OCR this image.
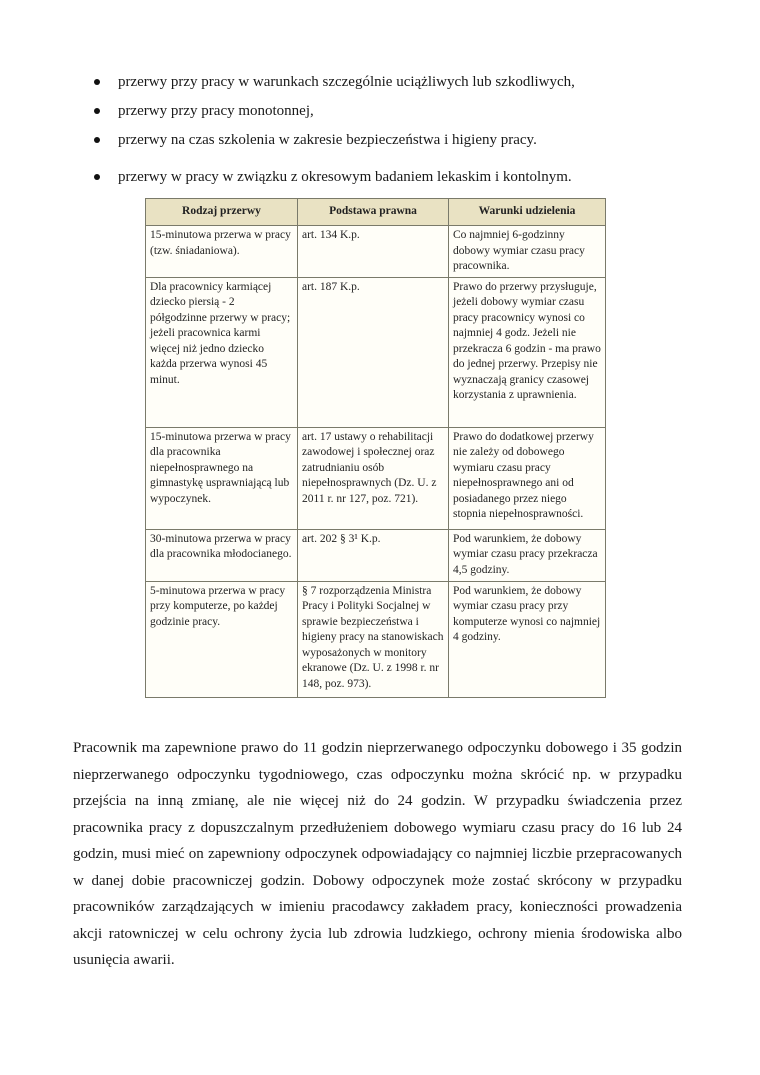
przerwy przy pracy w warunkach szczególnie uciążliwych lub szkodliwych,
przerwy przy pracy monotonnej,
przerwy na czas szkolenia w zakresie bezpieczeństwa i higieny pracy.
przerwy w pracy w związku z okresowym badaniem lekaskim i kontolnym.
Rodzaj przerwy	Podstawa prawna	Warunki udzielenia
15-minutowa przerwa w pracy (tzw. śniadaniowa).	art. 134 K.p.	Co najmniej 6-godzinny dobowy wymiar czasu pracy pracownika.
Dla pracownicy karmiącej dziecko piersią - 2 półgodzinne przerwy w pracy; jeżeli pracownica karmi więcej niż jedno dziecko każda przerwa wynosi 45 minut.	art. 187 K.p.	Prawo do przerwy przysługuje, jeżeli dobowy wymiar czasu pracy pracownicy wynosi co najmniej 4 godz. Jeżeli nie przekracza 6 godzin - ma prawo do jednej przerwy. Przepisy nie wyznaczają granicy czasowej korzystania z uprawnienia.
15-minutowa przerwa w pracy dla pracownika niepełnosprawnego na gimnastykę usprawniającą lub wypoczynek.	art. 17 ustawy o rehabilitacji zawodowej i społecznej oraz zatrudnianiu osób niepełnosprawnych (Dz. U. z 2011 r. nr 127, poz. 721).	Prawo do dodatkowej przerwy nie zależy od dobowego wymiaru czasu pracy niepełnosprawnego ani od posiadanego przez niego stopnia niepełnosprawności.
30-minutowa przerwa w pracy dla pracownika młodocianego.	art. 202 § 3¹ K.p.	Pod warunkiem, że dobowy wymiar czasu pracy przekracza 4,5 godziny.
5-minutowa przerwa w pracy przy komputerze, po każdej godzinie pracy.	§ 7 rozporządzenia Ministra Pracy i Polityki Socjalnej w sprawie bezpieczeństwa i higieny pracy na stanowiskach wyposażonych w monitory ekranowe (Dz. U. z 1998 r. nr 148, poz. 973).	Pod warunkiem, że dobowy wymiar czasu pracy przy komputerze wynosi co najmniej 4 godziny.

Pracownik ma zapewnione prawo do 11 godzin nieprzerwanego odpoczynku dobowego i 35 godzin nieprzerwanego odpoczynku tygodniowego, czas odpoczynku można skrócić np. w przypadku przejścia na inną zmianę, ale nie więcej niż do 24 godzin. W przypadku świadczenia przez pracownika pracy z dopuszczalnym przedłużeniem dobowego wymiaru czasu pracy do 16 lub 24 godzin, musi mieć on zapewniony odpoczynek odpowiadający co najmniej liczbie przepracowanych w danej dobie pracowniczej godzin. Dobowy odpoczynek może zostać skrócony w przypadku pracowników zarządzających w imieniu pracodawcy zakładem pracy, konieczności prowadzenia akcji ratowniczej w celu ochrony życia lub zdrowia ludzkiego, ochrony mienia środowiska albo usunięcia awarii.
